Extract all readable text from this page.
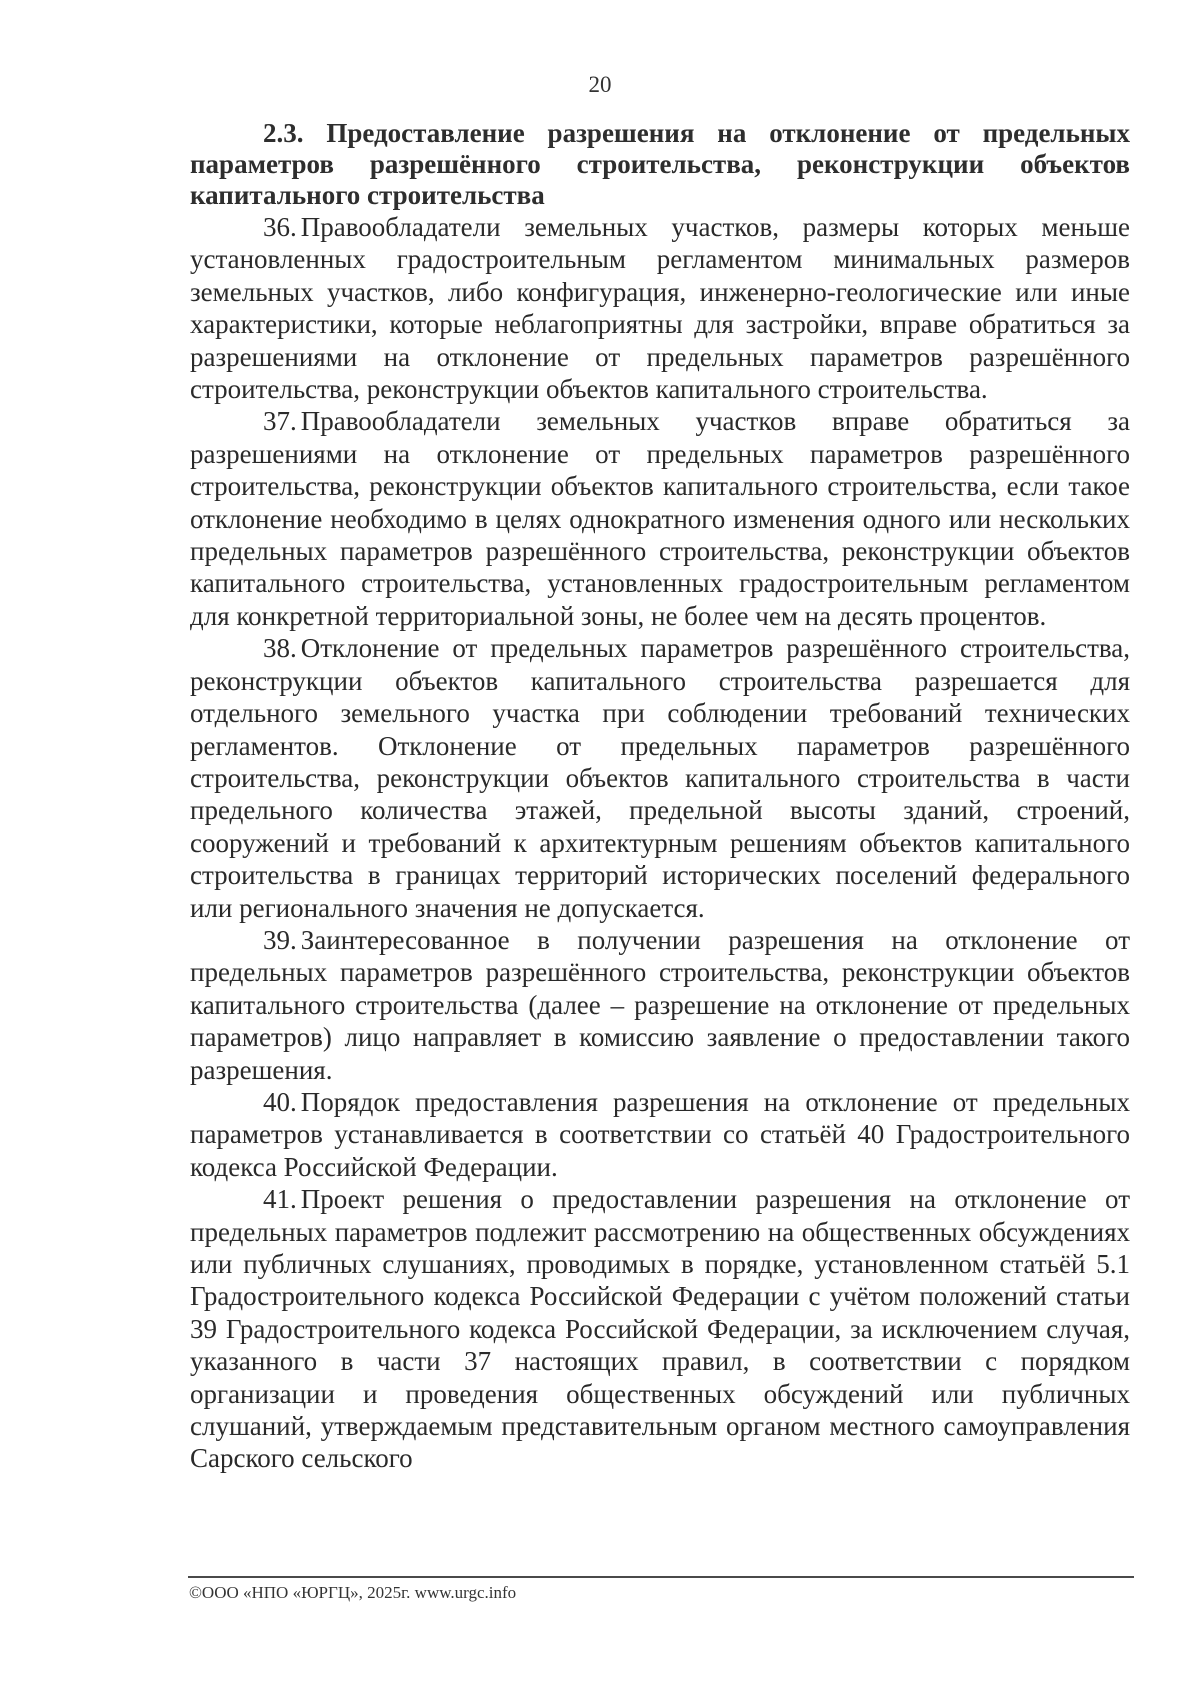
20

2.3. Предоставление разрешения на отклонение от предельных параметров разрешённого строительства, реконструкции объектов капитального строительства

36. Правообладатели земельных участков, размеры которых меньше установленных градостроительным регламентом минимальных размеров земельных участков, либо конфигурация, инженерно-геологические или иные характеристики, которые неблагоприятны для застройки, вправе обратиться за разрешениями на отклонение от предельных параметров разрешённого строительства, реконструкции объектов капитального строительства.

37. Правообладатели земельных участков вправе обратиться за разрешениями на отклонение от предельных параметров разрешённого строительства, реконструкции объектов капитального строительства, если такое отклонение необходимо в целях однократного изменения одного или нескольких предельных параметров разрешённого строительства, реконструкции объектов капитального строительства, установленных градостроительным регламентом для конкретной территориальной зоны, не более чем на десять процентов.

38. Отклонение от предельных параметров разрешённого строительства, реконструкции объектов капитального строительства разрешается для отдельного земельного участка при соблюдении требований технических регламентов. Отклонение от предельных параметров разрешённого строительства, реконструкции объектов капитального строительства в части предельного количества этажей, предельной высоты зданий, строений, сооружений и требований к архитектурным решениям объектов капитального строительства в границах территорий исторических поселений федерального или регионального значения не допускается.

39. Заинтересованное в получении разрешения на отклонение от предельных параметров разрешённого строительства, реконструкции объектов капитального строительства (далее – разрешение на отклонение от предельных параметров) лицо направляет в комиссию заявление о предоставлении такого разрешения.

40. Порядок предоставления разрешения на отклонение от предельных параметров устанавливается в соответствии со статьёй 40 Градостроительного кодекса Российской Федерации.

41. Проект решения о предоставлении разрешения на отклонение от предельных параметров подлежит рассмотрению на общественных обсуждениях или публичных слушаниях, проводимых в порядке, установленном статьёй 5.1 Градостроительного кодекса Российской Федерации с учётом положений статьи 39 Градостроительного кодекса Российской Федерации, за исключением случая, указанного в части 37 настоящих правил, в соответствии с порядком организации и проведения общественных обсуждений или публичных слушаний, утверждаемым представительным органом местного самоуправления Сарского сельского

©ООО «НПО «ЮРГЦ», 2025г. www.urgc.info
